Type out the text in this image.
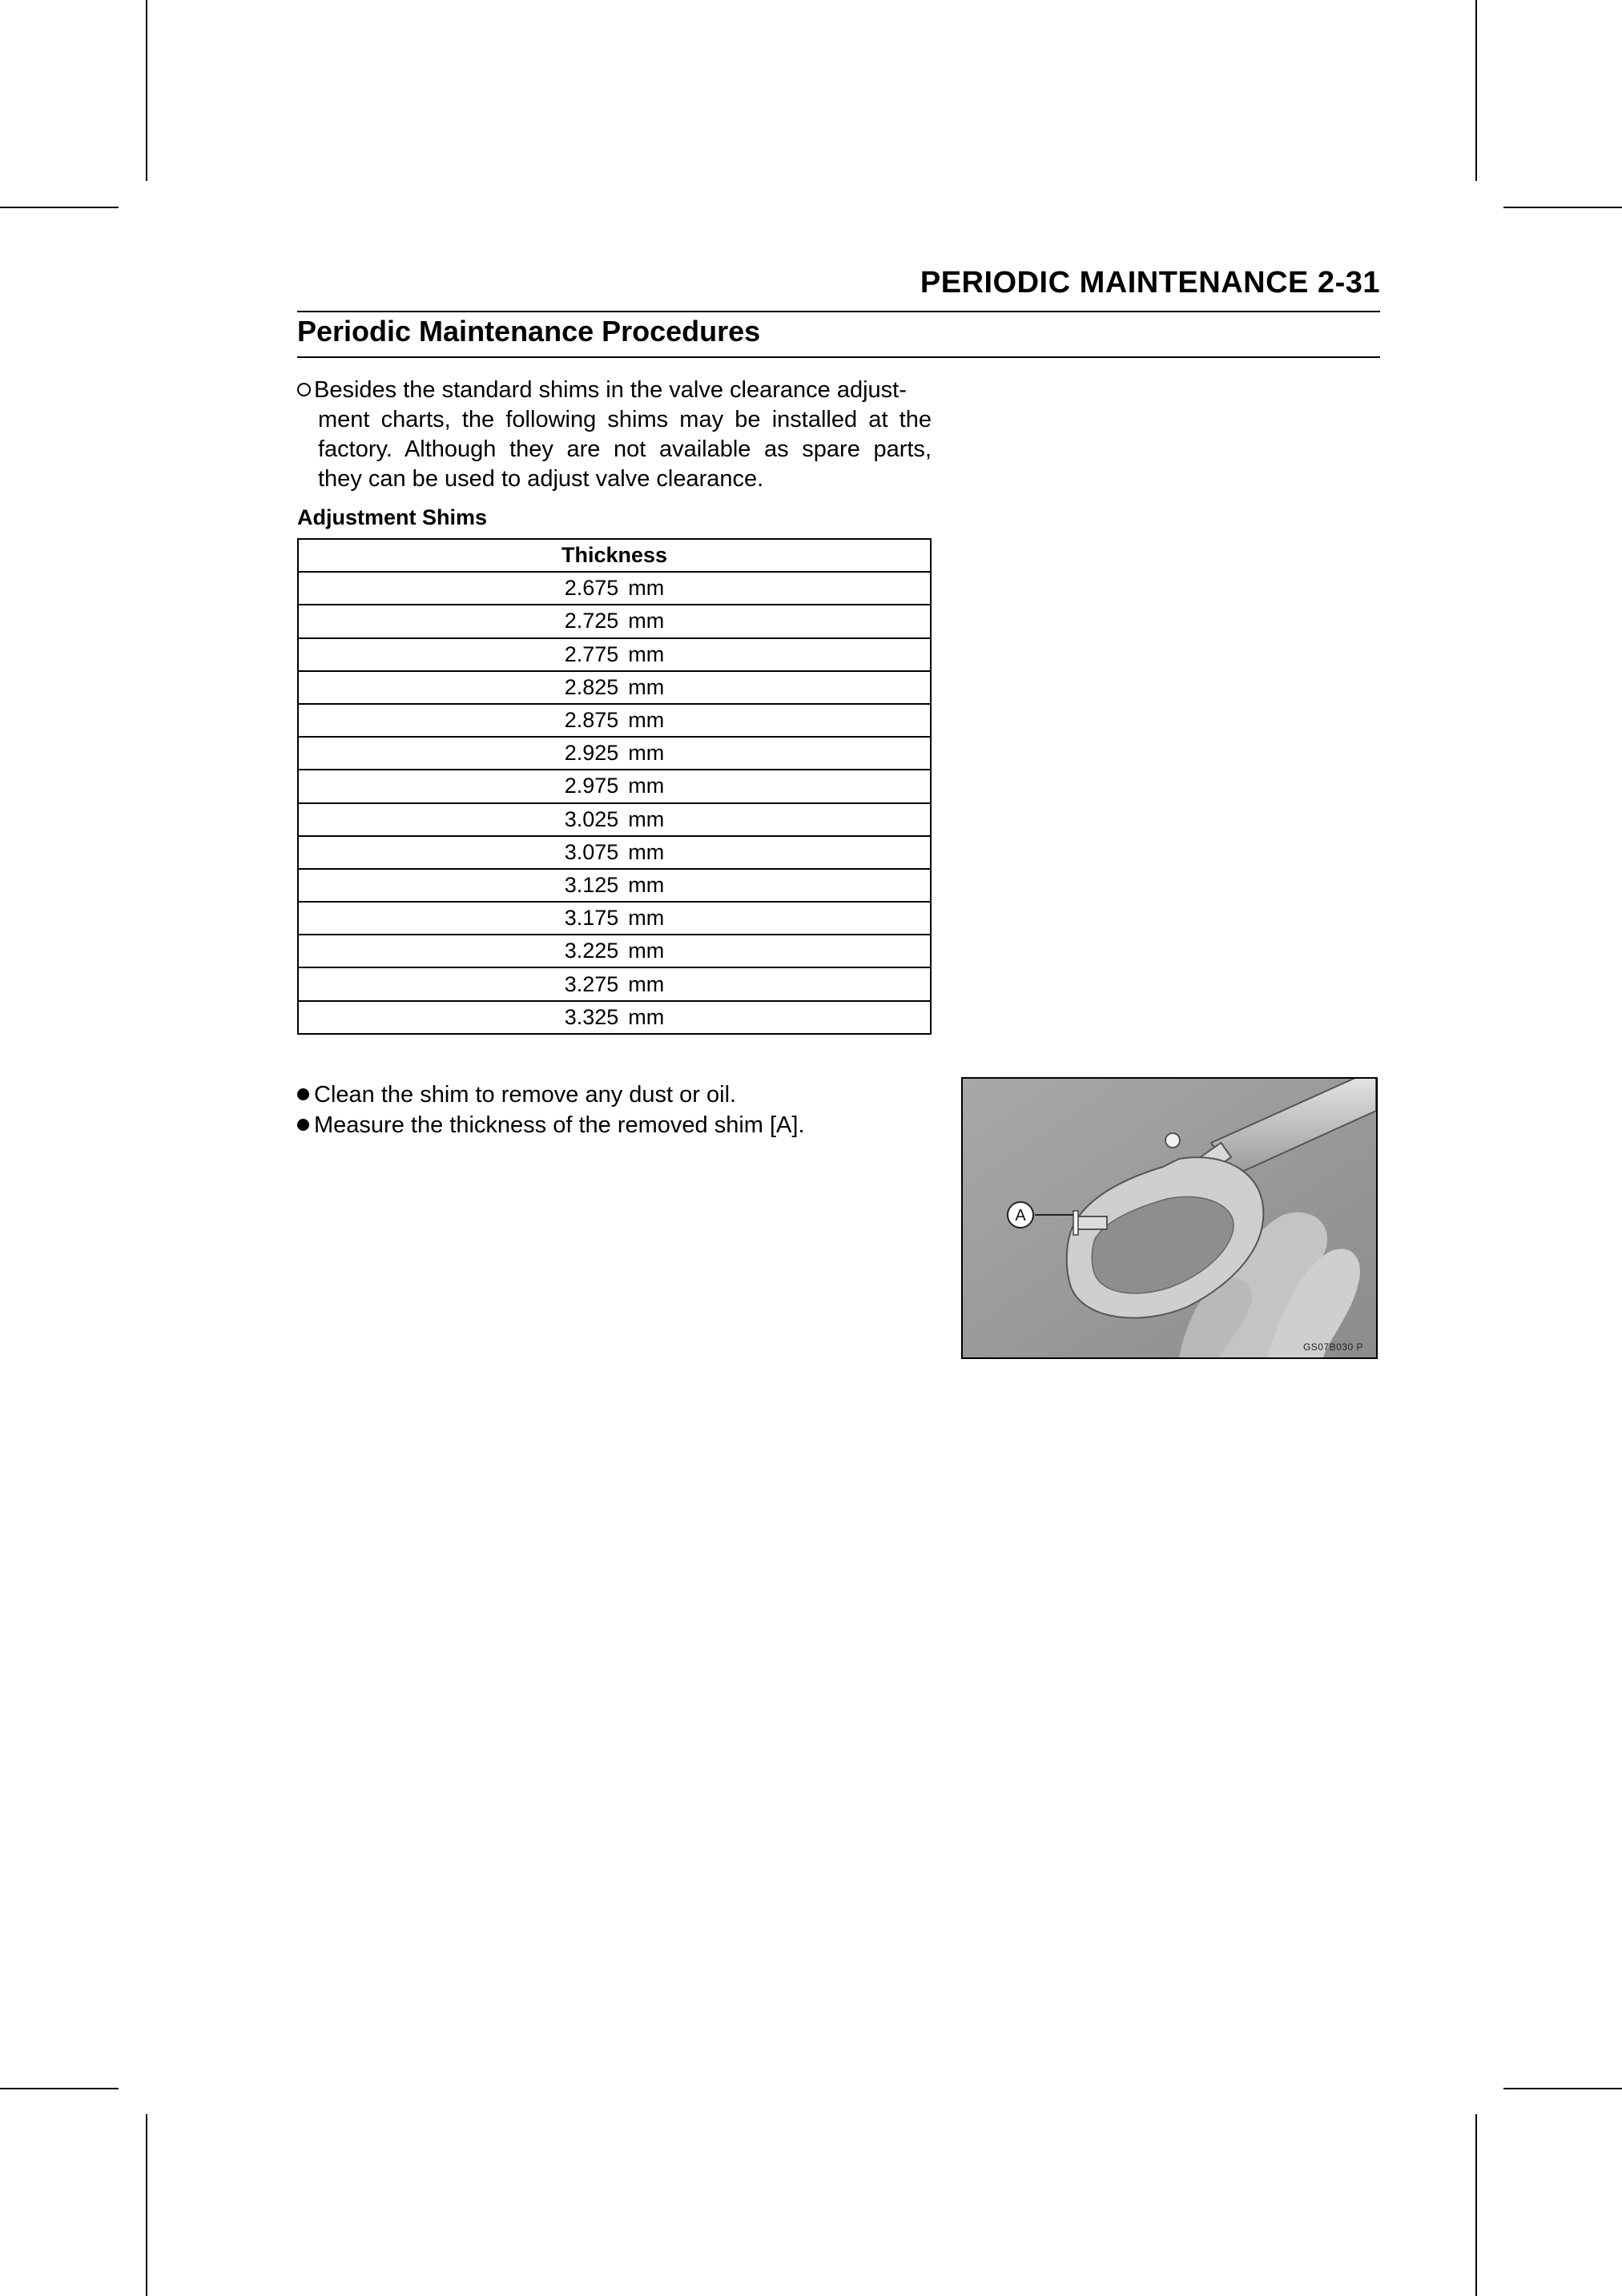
PERIODIC MAINTENANCE 2-31
Periodic Maintenance Procedures
Besides the standard shims in the valve clearance adjust-
ment charts, the following shims may be installed at the
factory. Although they are not available as spare parts,
they can be used to adjust valve clearance.
Adjustment Shims
Thickness
2.675 mm
2.725 mm
2.775 mm
2.825 mm
2.875 mm
2.925 mm
2.975 mm
3.025 mm
3.075 mm
3.125 mm
3.175 mm
3.225 mm
3.275 mm
3.325 mm
Clean the shim to remove any dust or oil.
Measure the thickness of the removed shim [A].
A
GS07B030 P
